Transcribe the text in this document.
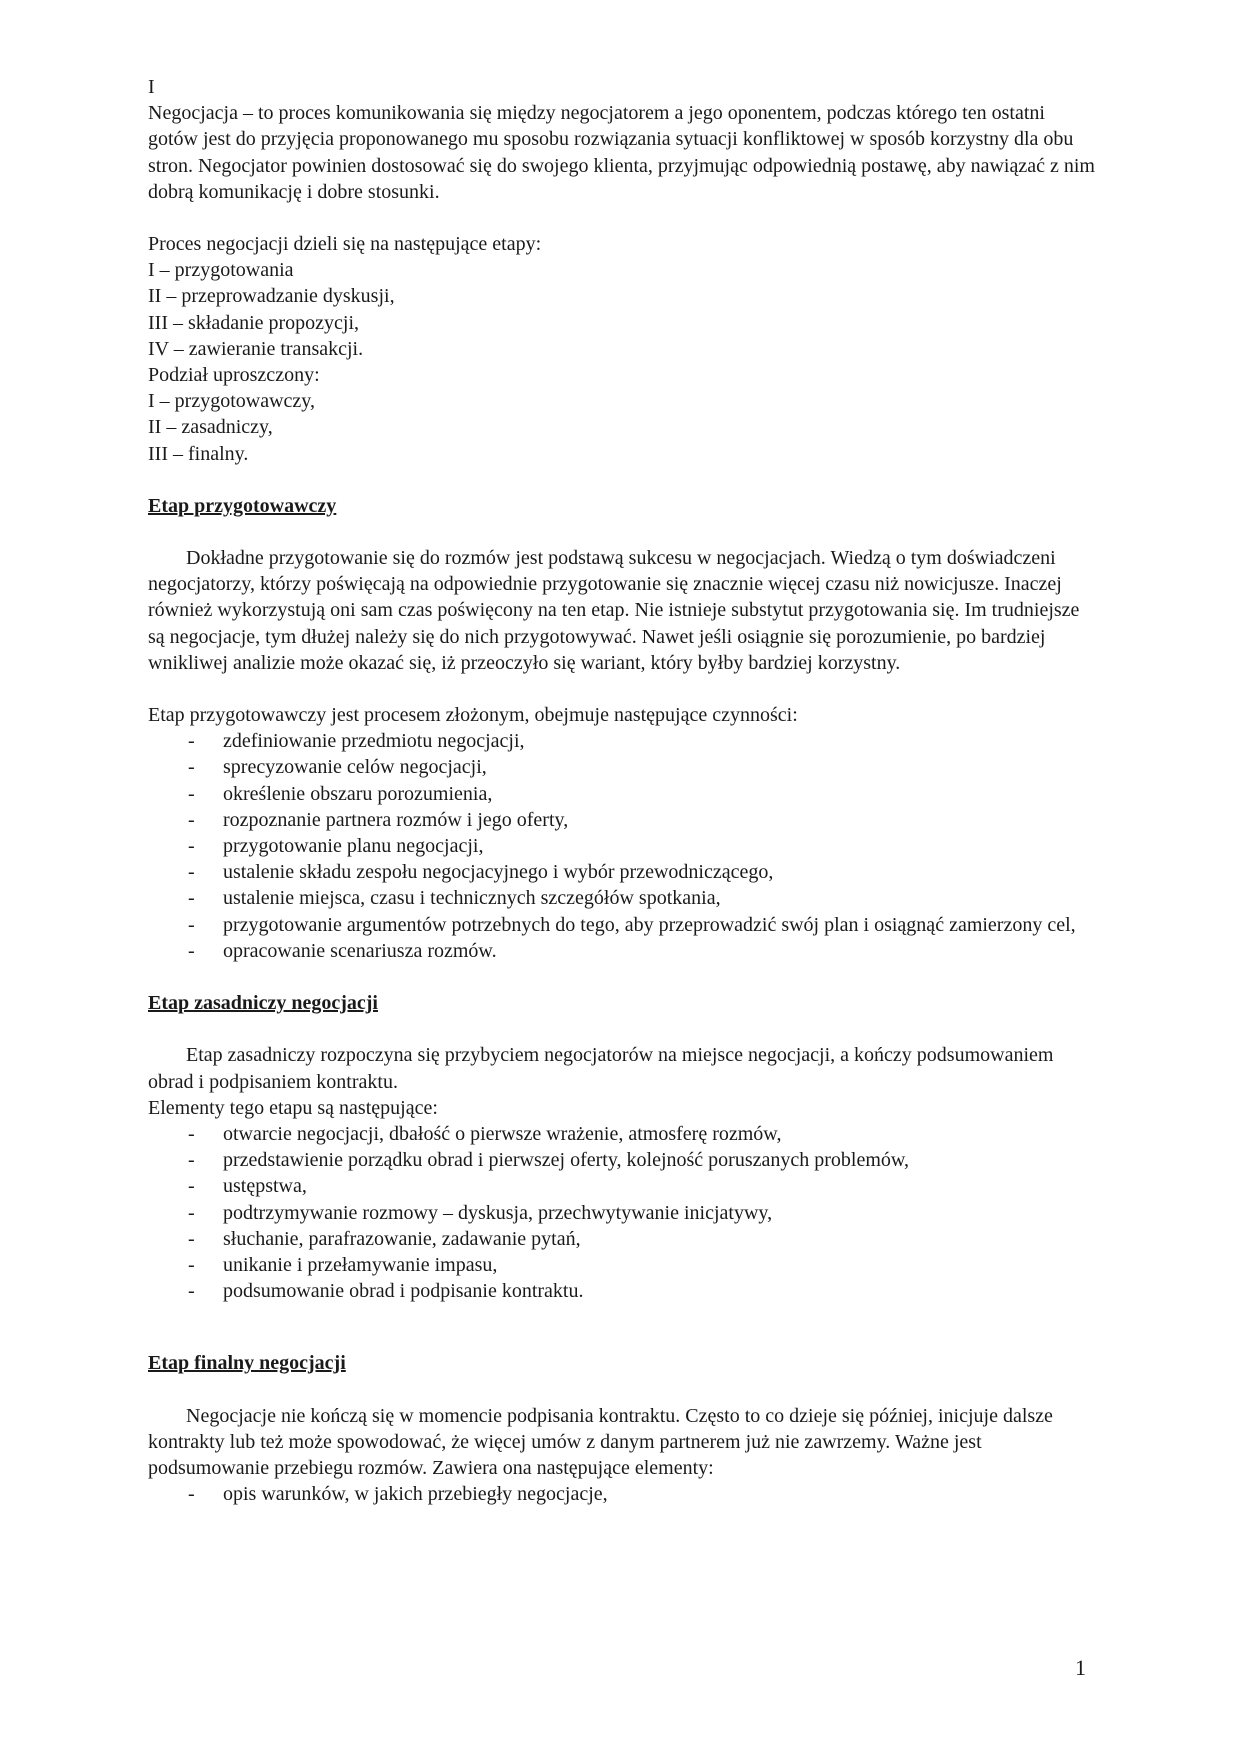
I

Negocjacja – to proces komunikowania się między negocjatorem a jego oponentem, podczas którego ten ostatni gotów jest do przyjęcia proponowanego mu sposobu rozwiązania sytuacji konfliktowej w sposób korzystny dla obu stron. Negocjator powinien dostosować się do swojego klienta, przyjmując odpowiednią postawę, aby nawiązać z nim dobrą komunikację i dobre stosunki.

Proces negocjacji dzieli się na następujące etapy:

I – przygotowania

II – przeprowadzanie dyskusji,

III – składanie propozycji,

IV – zawieranie transakcji.

Podział uproszczony:

I – przygotowawczy,

II – zasadniczy,

III – finalny.

Etap przygotowawczy

Dokładne przygotowanie się do rozmów jest podstawą sukcesu w negocjacjach. Wiedzą o tym doświadczeni negocjatorzy, którzy poświęcają na odpowiednie przygotowanie się znacznie więcej czasu niż nowicjusze. Inaczej również wykorzystują oni sam czas poświęcony na ten etap. Nie istnieje substytut przygotowania się. Im trudniejsze są negocjacje, tym dłużej należy się do nich przygotowywać. Nawet jeśli osiągnie się porozumienie, po bardziej wnikliwej analizie może okazać się, iż przeoczyło się wariant, który byłby bardziej korzystny.

Etap przygotowawczy jest procesem złożonym, obejmuje następujące czynności:

- zdefiniowanie przedmiotu negocjacji,
- sprecyzowanie celów negocjacji,
- określenie obszaru porozumienia,
- rozpoznanie partnera rozmów i jego oferty,
- przygotowanie planu negocjacji,
- ustalenie składu zespołu negocjacyjnego i wybór przewodniczącego,
- ustalenie miejsca, czasu i technicznych szczegółów spotkania,
- przygotowanie argumentów potrzebnych do tego, aby przeprowadzić swój plan i osiągnąć zamierzony cel,
- opracowanie scenariusza rozmów.

Etap zasadniczy negocjacji

Etap zasadniczy rozpoczyna się przybyciem negocjatorów na miejsce negocjacji, a kończy podsumowaniem obrad i podpisaniem kontraktu.

Elementy tego etapu są następujące:

- otwarcie negocjacji, dbałość o pierwsze wrażenie, atmosferę rozmów,
- przedstawienie porządku obrad i pierwszej oferty, kolejność poruszanych problemów,
- ustępstwa,
- podtrzymywanie rozmowy – dyskusja, przechwytywanie inicjatywy,
- słuchanie, parafrazowanie, zadawanie pytań,
- unikanie i przełamywanie impasu,
- podsumowanie obrad i podpisanie kontraktu.

Etap finalny negocjacji

Negocjacje nie kończą się w momencie podpisania kontraktu. Często to co dzieje się później, inicjuje dalsze kontrakty lub też może spowodować, że więcej umów z danym partnerem już nie zawrzemy. Ważne jest podsumowanie przebiegu rozmów. Zawiera ona następujące elementy:

- opis warunków, w jakich przebiegły negocjacje,
1
